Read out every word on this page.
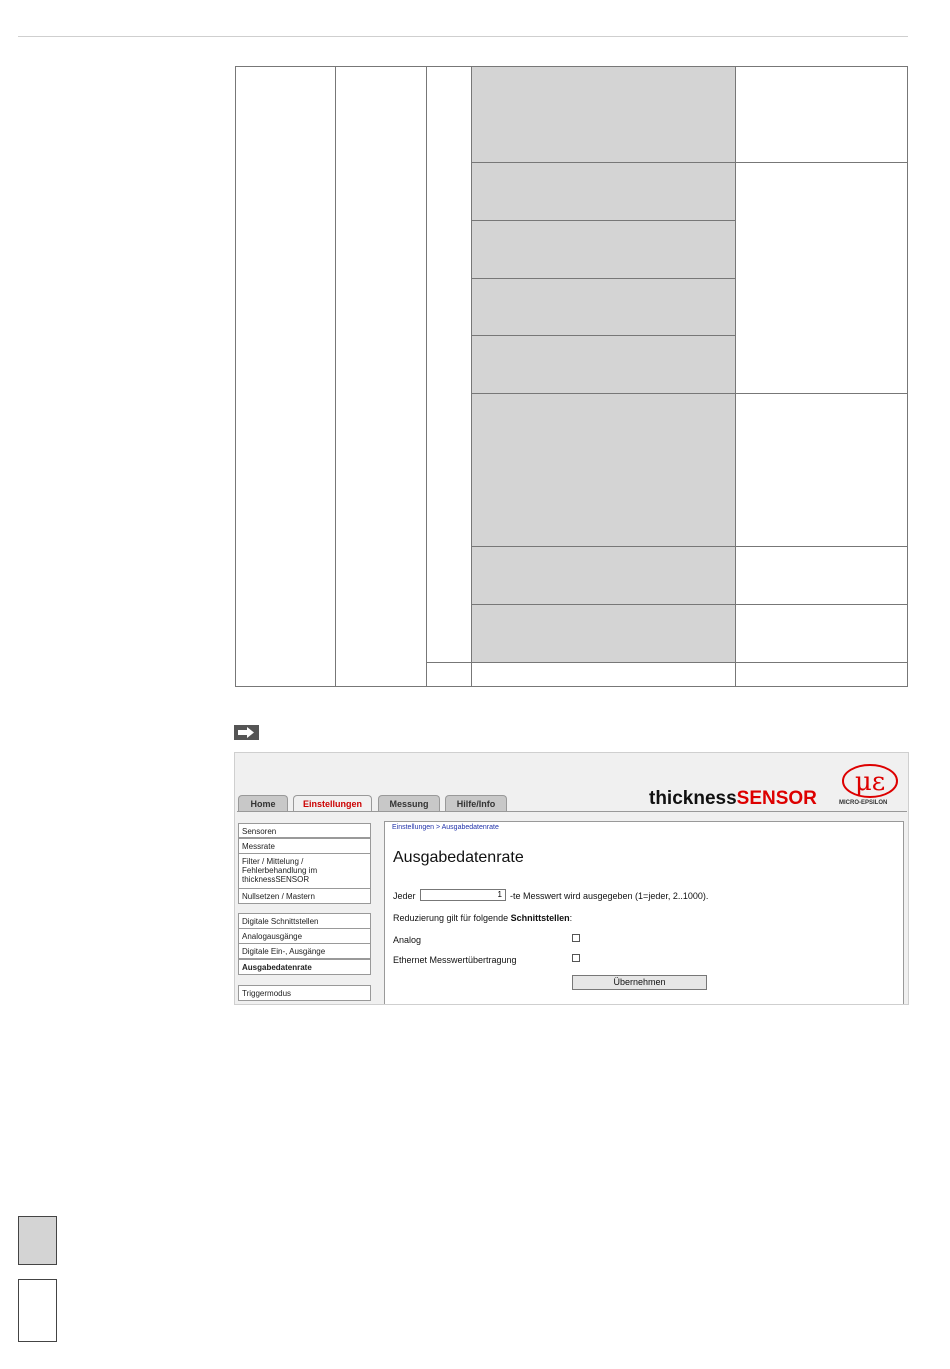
Home	Einstellungen	Messung	Hilfe/Info	thicknessSENSOR
με
MICRO-EPSILON
Sensoren
Messrate
Filter / Mittelung /
Fehlerbehandlung im
thicknessSENSOR
Nullsetzen / Mastern
Digitale Schnittstellen
Analogausgänge
Digitale Ein-, Ausgänge
Ausgabedatenrate
Triggermodus
Einstellungen > Ausgabedatenrate
Ausgabedatenrate
Jeder	1 -te Messwert wird ausgegeben (1=jeder, 2..1000).
Reduzierung gilt für folgende Schnittstellen:
Analog
Ethernet Messwertübertragung
Übernehmen
